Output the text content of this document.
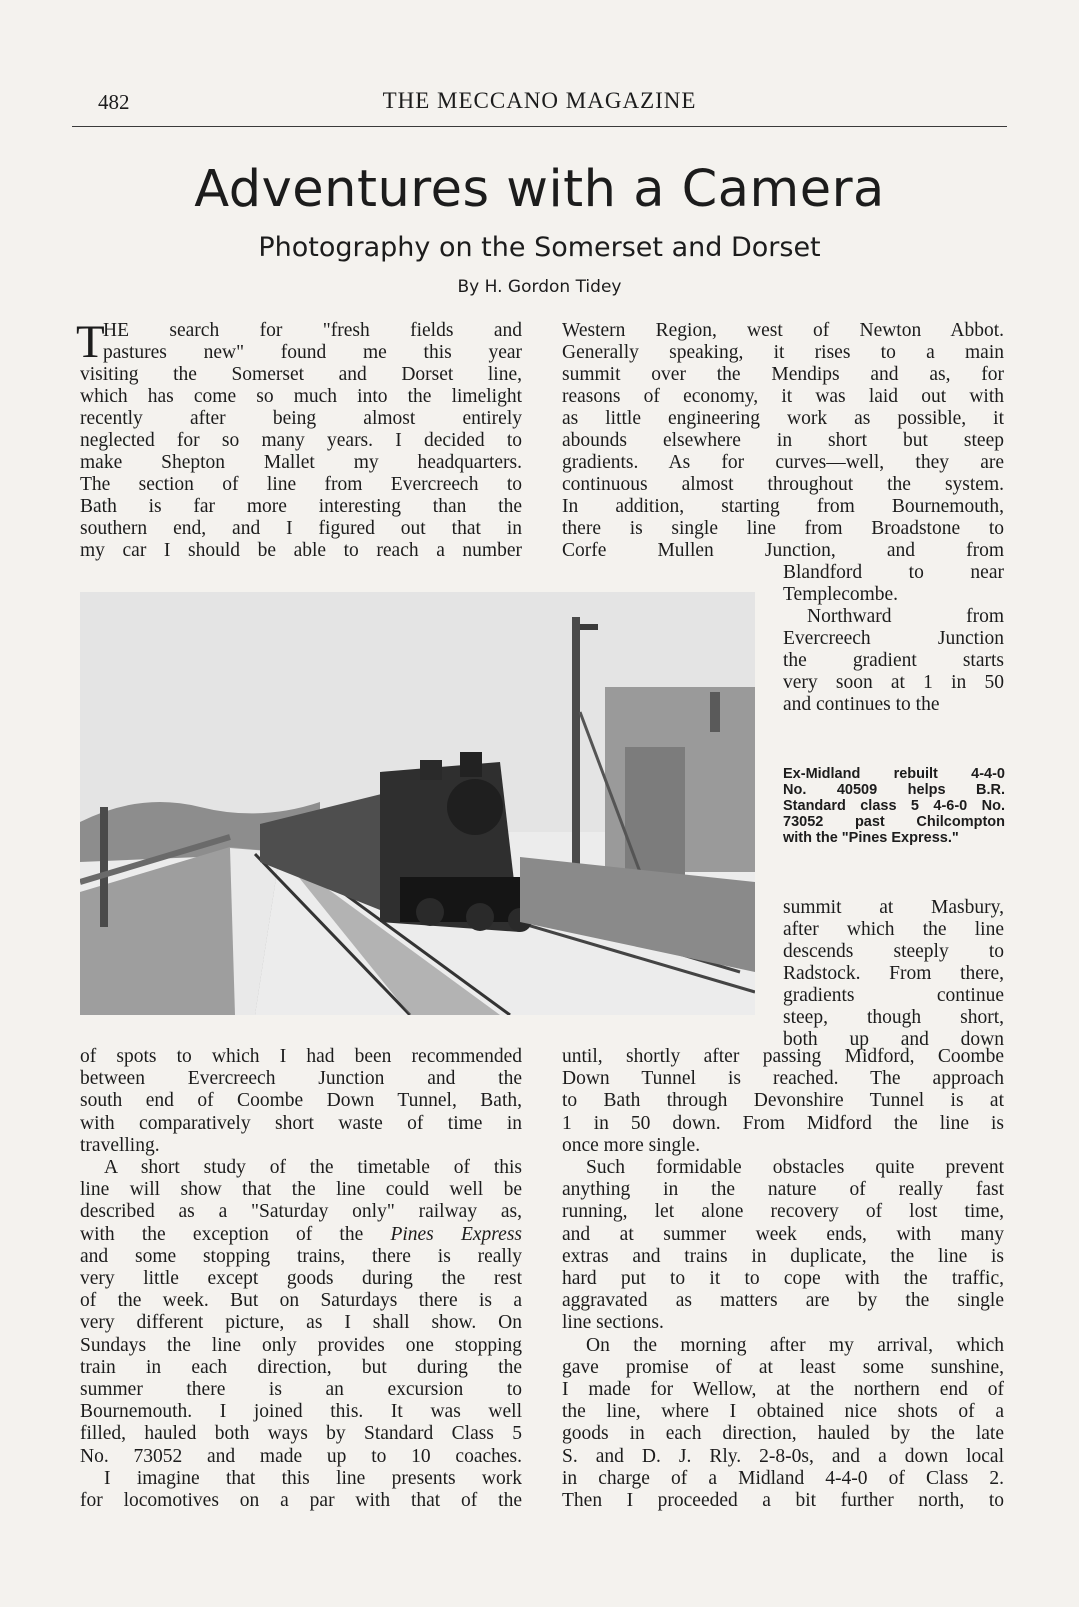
482	THE MECCANO MAGAZINE
Adventures with a Camera
Photography on the Somerset and Dorset
By H. Gordon Tidey
T
HE search for "fresh fields and
pastures new" found me this year
visiting the Somerset and Dorset line,
which has come so much into the limelight
recently after being almost entirely
neglected for so many years. I decided to
make Shepton Mallet my headquarters.
The section of line from Evercreech to
Bath is far more interesting than the
southern end, and I figured out that in
my car I should be able to reach a number
Western Region, west of Newton Abbot.
Generally speaking, it rises to a main
summit over the Mendips and as, for
reasons of economy, it was laid out with
as little engineering work as possible, it
abounds elsewhere in short but steep
gradients. As for curves—well, they are
continuous almost throughout the system.
In addition, starting from Bournemouth,
there is single line from Broadstone to
Corfe Mullen Junction, and from
Blandford to near
Templecombe.
Northward from
Evercreech Junction
the gradient starts
very soon at 1 in 50
and continues to the
summit at Masbury,
after which the line
descends steeply to
Radstock. From there,
gradients continue
steep, though short,
both up and down
of spots to which I had been recommended
between Evercreech Junction and the
south end of Coombe Down Tunnel, Bath,
with comparatively short waste of time in
travelling.
A short study of the timetable of this
line will show that the line could well be
described as a "Saturday only" railway as,
with the exception of the Pines Express
and some stopping trains, there is really
very little except goods during the rest
of the week. But on Saturdays there is a
very different picture, as I shall show. On
Sundays the line only provides one stopping
train in each direction, but during the
summer there is an excursion to
Bournemouth. I joined this. It was well
filled, hauled both ways by Standard Class 5
No. 73052 and made up to 10 coaches.
I imagine that this line presents work
for locomotives on a par with that of the
until, shortly after passing Midford, Coombe
Down Tunnel is reached. The approach
to Bath through Devonshire Tunnel is at
1 in 50 down. From Midford the line is
once more single.
Such formidable obstacles quite prevent
anything in the nature of really fast
running, let alone recovery of lost time,
and at summer week ends, with many
extras and trains in duplicate, the line is
hard put to it to cope with the traffic,
aggravated as matters are by the single
line sections.
On the morning after my arrival, which
gave promise of at least some sunshine,
I made for Wellow, at the northern end of
the line, where I obtained nice shots of a
goods in each direction, hauled by the late
S. and D. J. Rly. 2-8-0s, and a down local
in charge of a Midland 4-4-0 of Class 2.
Then I proceeded a bit further north, to
Ex-Midland rebuilt 4-4-0
No. 40509 helps B.R.
Standard class 5 4-6-0 No.
73052 past Chilcompton
with the "Pines Express."
